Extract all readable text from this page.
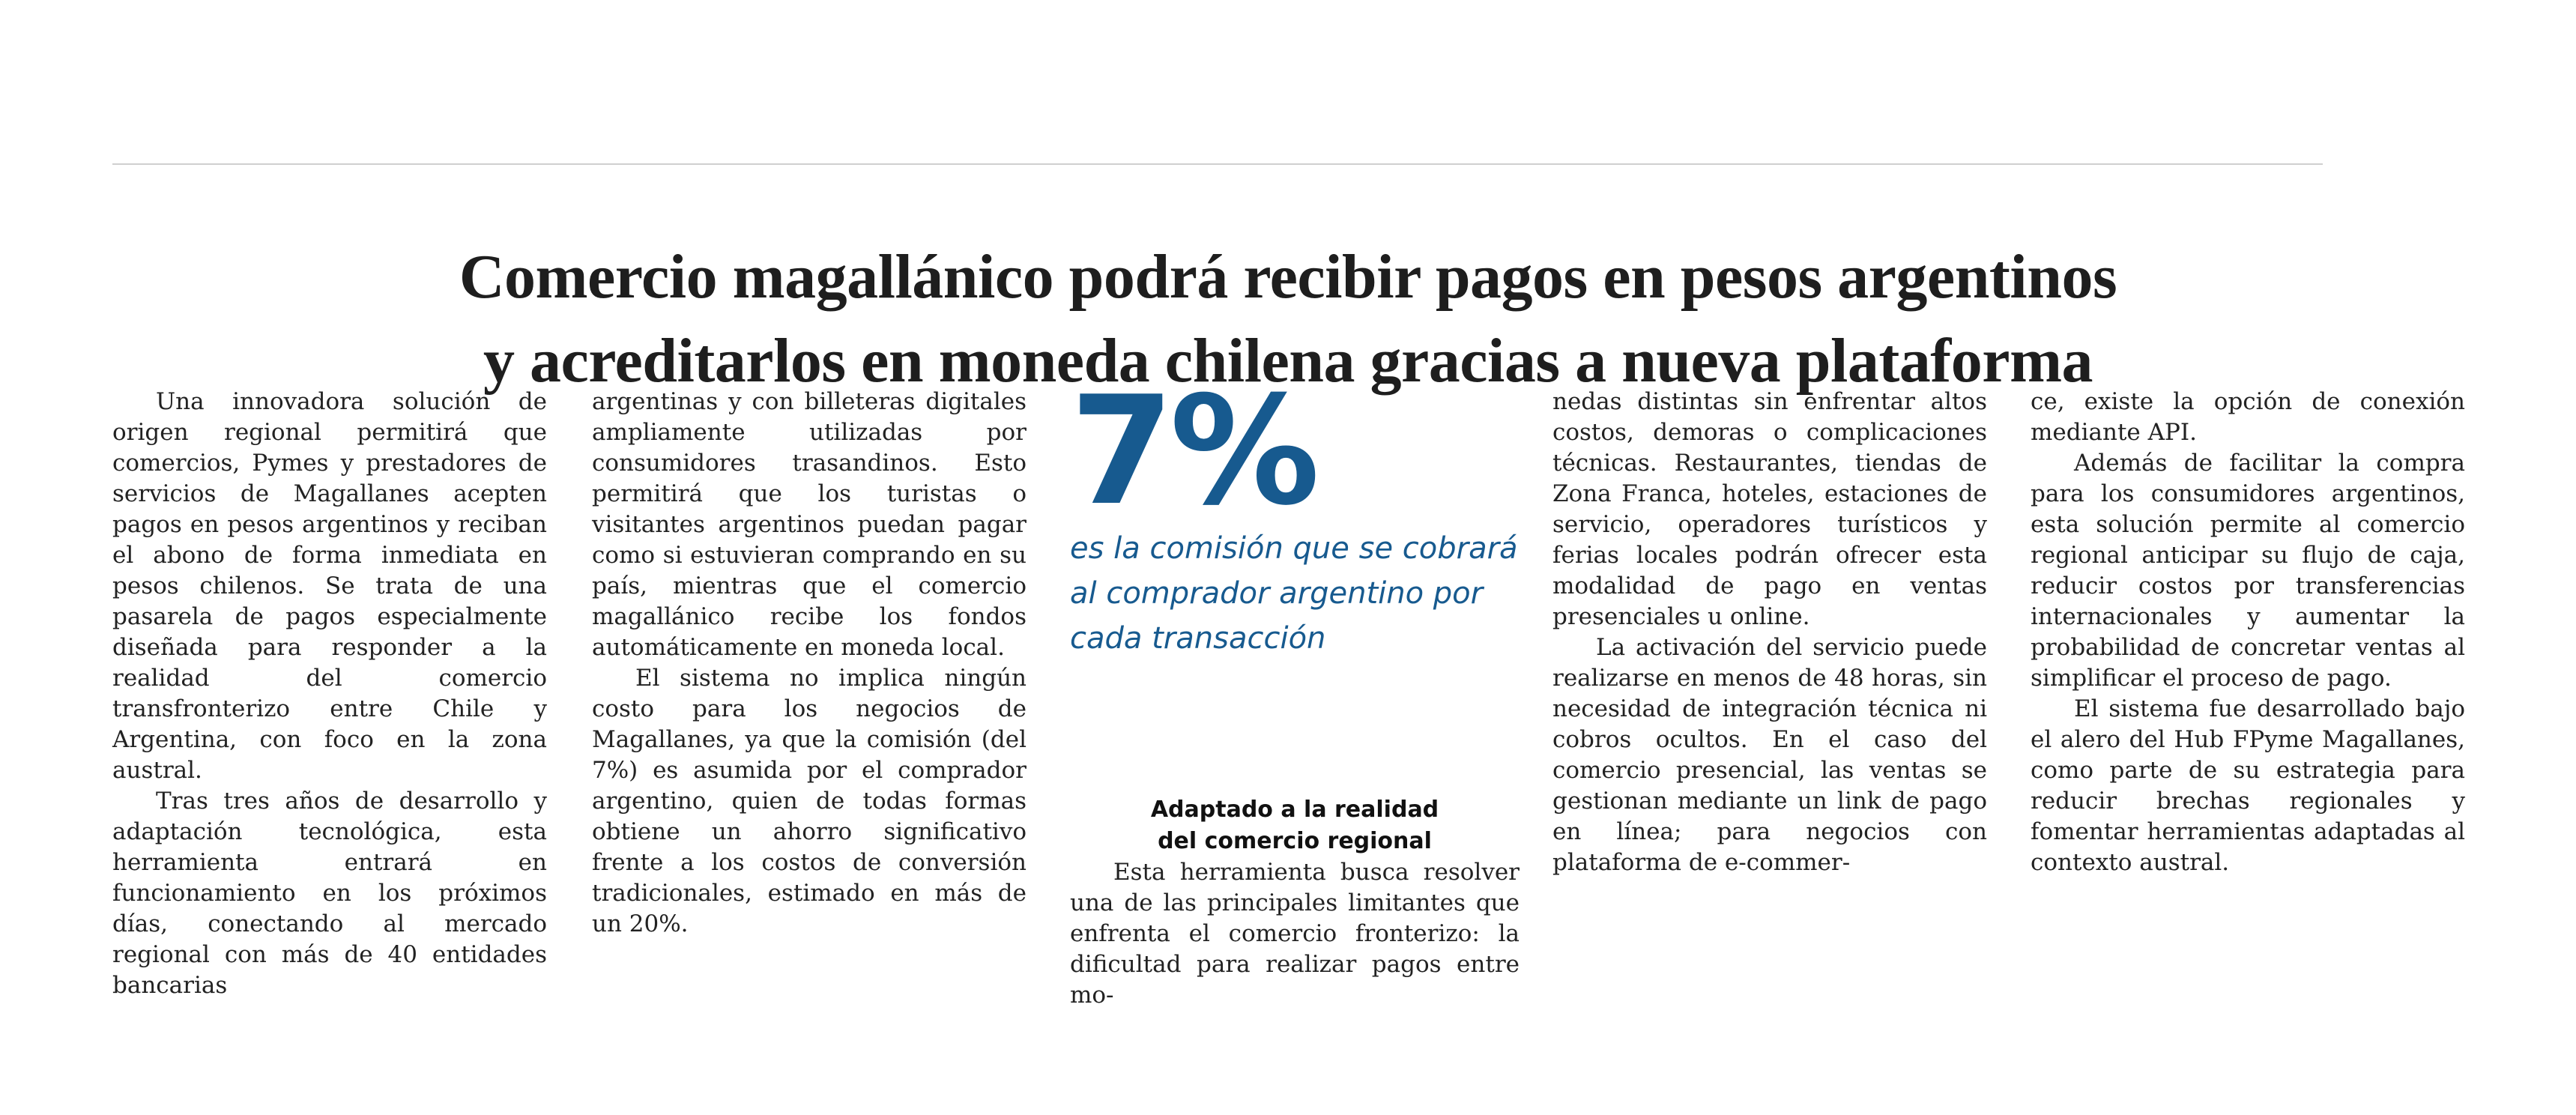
Comercio magallánico podrá recibir pagos en pesos argentinos
y acreditarlos en moneda chilena gracias a nueva plataforma

Una innovadora solución de origen regional permitirá que comercios, Pymes y prestadores de servicios de Magallanes acepten pagos en pesos argentinos y reciban el abono de forma inmediata en pesos chilenos. Se trata de una pasarela de pagos especialmente diseñada para responder a la realidad del comercio transfronterizo entre Chile y Argentina, con foco en la zona austral.

Tras tres años de desarrollo y adaptación tecnológica, esta herramienta entrará en funcionamiento en los próximos días, conectando al mercado regional con más de 40 entidades bancarias

argentinas y con billeteras digitales ampliamente utilizadas por consumidores trasandinos. Esto permitirá que los turistas o visitantes argentinos puedan pagar como si estuvieran comprando en su país, mientras que el comercio magallánico recibe los fondos automáticamente en moneda local.

El sistema no implica ningún costo para los negocios de Magallanes, ya que la comisión (del 7%) es asumida por el comprador argentino, quien de todas formas obtiene un ahorro significativo frente a los costos de conversión tradicionales, estimado en más de un 20%.

7%
es la comisión que se cobrará al comprador argentino por cada transacción
Adaptado a la realidad
del comercio regional

Esta herramienta busca resolver una de las principales limitantes que enfrenta el comercio fronterizo: la dificultad para realizar pagos entre mo-

nedas distintas sin enfrentar altos costos, demoras o complicaciones técnicas. Restaurantes, tiendas de Zona Franca, hoteles, estaciones de servicio, operadores turísticos y ferias locales podrán ofrecer esta modalidad de pago en ventas presenciales u online.

La activación del servicio puede realizarse en menos de 48 horas, sin necesidad de integración técnica ni cobros ocultos. En el caso del comercio presencial, las ventas se gestionan mediante un link de pago en línea; para negocios con plataforma de e-commer-

ce, existe la opción de conexión mediante API.

Además de facilitar la compra para los consumidores argentinos, esta solución permite al comercio regional anticipar su flujo de caja, reducir costos por transferencias internacionales y aumentar la probabilidad de concretar ventas al simplificar el proceso de pago.

El sistema fue desarrollado bajo el alero del Hub FPyme Magallanes, como parte de su estrategia para reducir brechas regionales y fomentar herramientas adaptadas al contexto austral.
